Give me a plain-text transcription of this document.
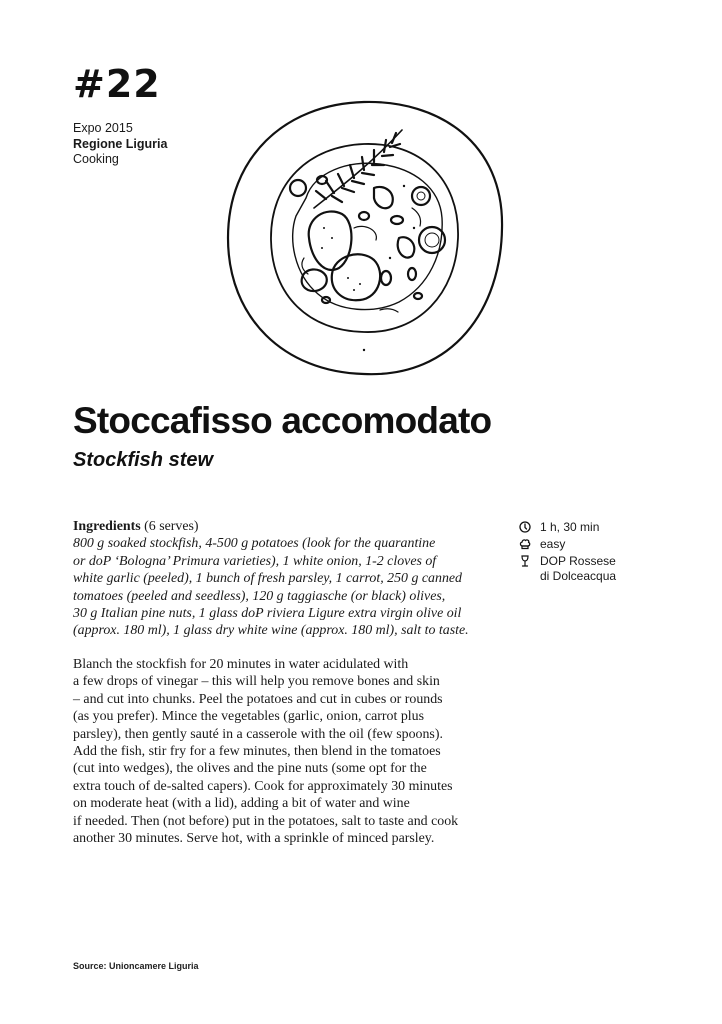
#22
Expo 2015
Regione Liguria
Cooking
Stoccafisso accomodato
Stockfish stew
Ingredients (6 serves)
800 g soaked stockfish, 4-500 g potatoes (look for the quarantine
or doP ‘Bologna’ Primura varieties), 1 white onion, 1-2 cloves of
white garlic (peeled), 1 bunch of fresh parsley, 1 carrot, 250 g canned
tomatoes (peeled and seedless), 120 g taggiasche (or black) olives,
30 g Italian pine nuts, 1 glass doP riviera Ligure extra virgin olive oil
(approx. 180 ml), 1 glass dry white wine (approx. 180 ml), salt to taste.
Blanch the stockfish for 20 minutes in water acidulated with
a few drops of vinegar – this will help you remove bones and skin
– and cut into chunks. Peel the potatoes and cut in cubes or rounds
(as you prefer). Mince the vegetables (garlic, onion, carrot plus
parsley), then gently sauté in a casserole with the oil (few spoons).
Add the fish, stir fry for a few minutes, then blend in the tomatoes
(cut into wedges), the olives and the pine nuts (some opt for the
extra touch of de-salted capers). Cook for approximately 30 minutes
on moderate heat (with a lid), adding a bit of water and wine
if needed. Then (not before) put in the potatoes, salt to taste and cook
another 30 minutes. Serve hot, with a sprinkle of minced parsley.
1 h, 30 min
easy
DOP Rossese
di Dolceacqua
Source: Unioncamere Liguria
